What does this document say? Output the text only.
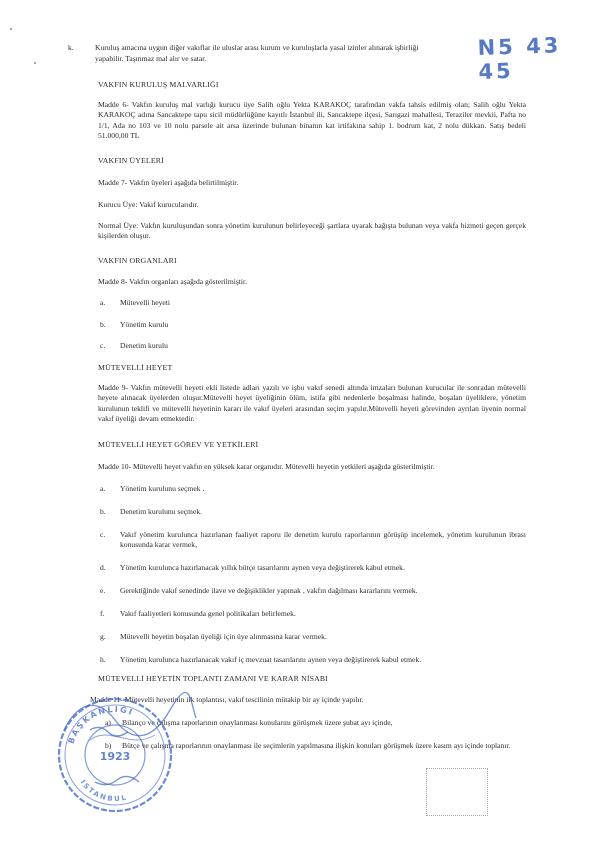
N5 43 45
k.	Kuruluş amacına uygun diğer vakıflar ile uluslar arası kurum ve kuruluşlarla yasal izinler alınarak işbirliği
yapabilir. Taşınmaz mal alır ve satar.
VAKFIN KURULUŞ MALVARLIĞI
Madde 6- Vakfın kuruluş mal varlığı kurucu üye Salih oğlu Yekta KARAKOÇ tarafından vakfa tahsis edilmiş olan; Salih oğlu Yekta KARAKOÇ adına Sancaktepe tapu sicil müdürlüğüne kayıtlı İstanbul ili, Sancaktepe ilçesi, Sarıgazi mahallesi, Teraziler mevkii, Pafta no 1/1, Ada no 103 ve 10 nolu parsele ait arsa üzerinde bulunan binanın kat irtifakına sahip 1. bodrum kat, 2 nolu dükkan. Satış bedeli 51.000,00 TL
VAKFIN ÜYELERİ
Madde 7- Vakfın üyeleri aşağıda belirtilmiştir.
Kurucu Üye: Vakıf kurucularıdır.
Normal Üye: Vakfın kuruluşundan sonra yönetim kurulunun belirleyeceği şartlara uyarak bağışta bulunan veya vakfa hizmeti geçen gerçek kişilerden oluşur.
VAKFIN ORGANLARI
Madde 8- Vakfın organları aşağıda gösterilmiştir.
a. Mütevelli heyeti
b. Yönetim kurulu
c. Denetim kurulu
MÜTEVELLİ HEYET
Madde 9- Vakfın mütevelli heyeti ekli listede adları yazılı ve işbu vakıf senedi altında imzaları bulunan kurucular ile sonradan mütevelli heyete alınacak üyelerden oluşur.Mütevelli heyet üyeliğinin ölüm, istifa gibi nedenlerle boşalması halinde, boşalan üyeliklere, yönetim kurulunun teklifi ve mütevelli heyetinin kararı ile vakıf üyeleri arasından seçim yapılır.Mütevelli heyeti görevinden ayrılan üyenin normal vakıf üyeliği devam etmektedir.
MÜTEVELLİ HEYET GÖREV VE YETKİLERİ
Madde 10- Mütevelli heyet vakfın en yüksek karar organıdır. Mütevelli heyetin yetkileri aşağıda gösterilmiştir.
a. Yönetim kurulunu seçmek .
b. Denetim kurulunu seçmek.
c. Vakıf yönetim kurulunca hazırlanan faaliyet raporu ile denetim kurulu raporlarının görüşüp incelemek, yönetim kurulunun ibrası konusunda karar vermek,
d. Yönetim kurulunca hazırlanacak yıllık bütçe tasarılarını aynen veya değiştirerek kabul etmek.
e. Gerektiğinde vakıf senedinde ilave ve değişiklikler yapmak , vakfın dağılması kararlarını vermek.
f. Vakıf faaliyetleri konusunda genel politikaları belirlemek.
g. Mütevelli heyetin boşalan üyeliği için üye alınmasına karar vermek.
h. Yönetim kurulunca hazırlanacak vakıf iç mevzuat tasarılarını aynen veya değiştirerek kabul etmek.
MÜTEVELLİ HEYETİN TOPLANTI ZAMANI VE KARAR NİSABI
Madde 11- Mütevelli heyetinin ilk toplantısı, vakıf tescilinin mütakip bir ay içinde yapılır.
a) Bilanço ve çalışma raporlarının onaylanması konularını görüşmek üzere şubat ayı içinde,
b) Bütçe ve çalışma raporlarının onaylanması ile seçimlerin yapılmasına ilişkin konuları görüşmek üzere kasım ayı içinde toplanır.
BAŞKANLIĞI
ISTANBUL
1923
